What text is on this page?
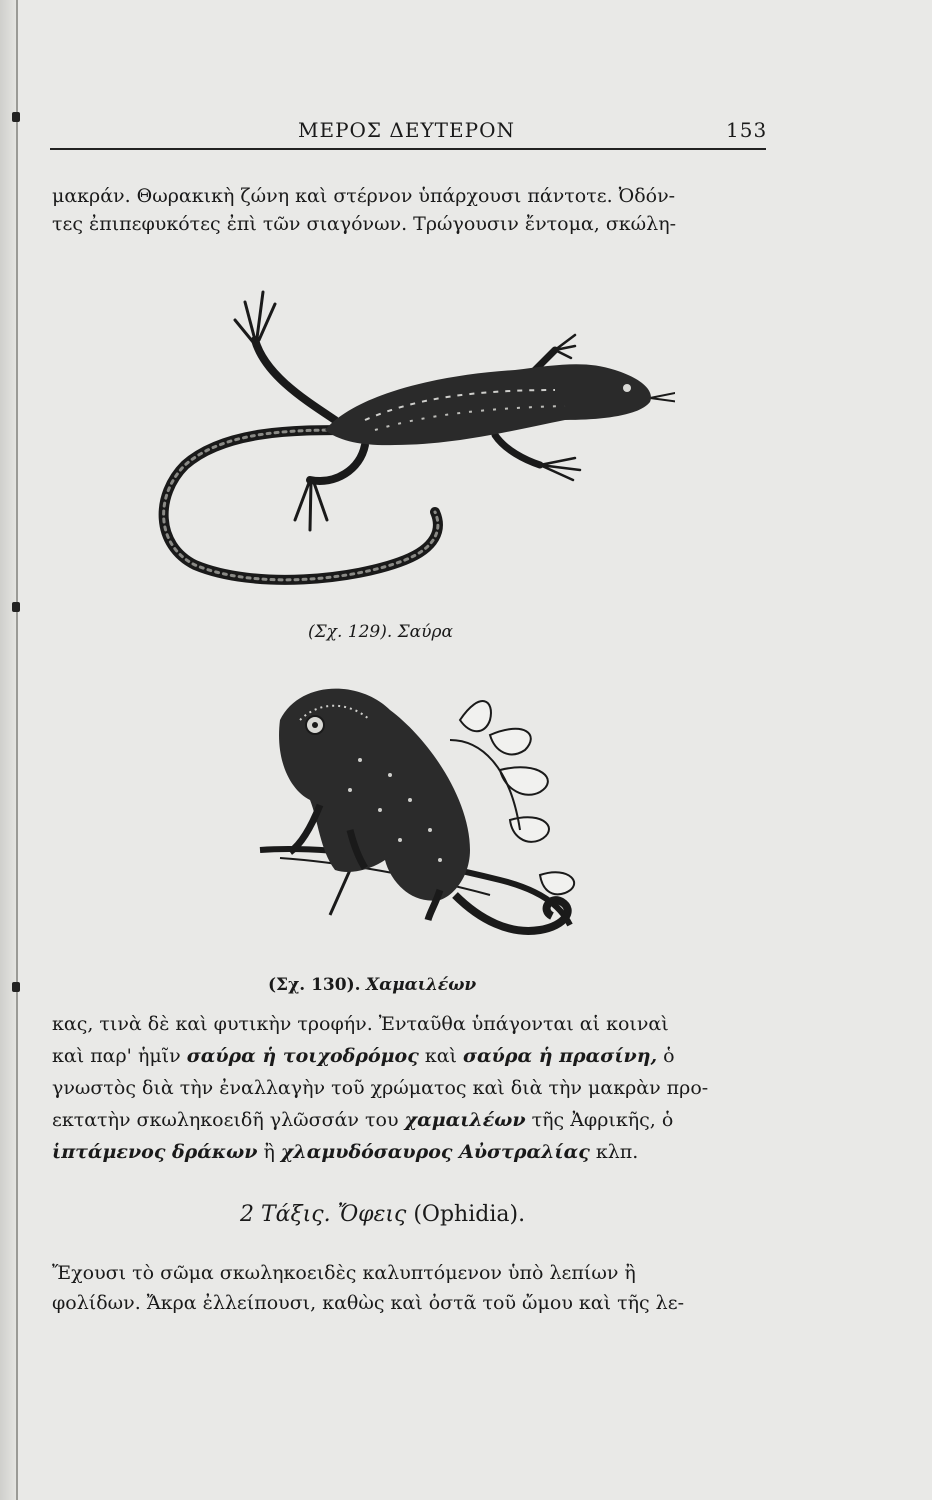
ΜΕΡΟΣ ΔΕΥΤΕΡΟΝ	153
μακράν. Θωρακικὴ ζώνη καὶ στέρνον ὑπάρχουσι πάντοτε. Ὀδόν-
τες ἐπιπεφυκότες ἐπὶ τῶν σιαγόνων. Τρώγουσιν ἔντομα, σκώλη-
(Σχ. 129). Σαύρα
(Σχ. 130). Χαμαιλέων
κας, τινὰ δὲ καὶ φυτικὴν τροφήν. Ἐνταῦθα ὑπάγονται αἱ κοιναὶ
καὶ παρ' ἡμῖν σαύρα ἡ τοιχοδρόμος καὶ σαύρα ἡ πρασίνη, ὁ
γνωστὸς διὰ τὴν ἐναλλαγὴν τοῦ χρώματος καὶ διὰ τὴν μακρὰν προ-
εκτατὴν σκωληκοειδῆ γλῶσσάν του χαμαιλέων τῆς Ἀφρικῆς, ὁ
ἱπτάμενος δράκων ἢ χλαμυδόσαυρος Αὐστραλίας κλπ.
2 Τάξις. Ὄφεις (Ophidia).
Ἔχουσι τὸ σῶμα σκωληκοειδὲς καλυπτόμενον ὑπὸ λεπίων ἢ
φολίδων. Ἄκρα ἐλλείπουσι, καθὼς καὶ ὀστᾶ τοῦ ὤμου καὶ τῆς λε-
